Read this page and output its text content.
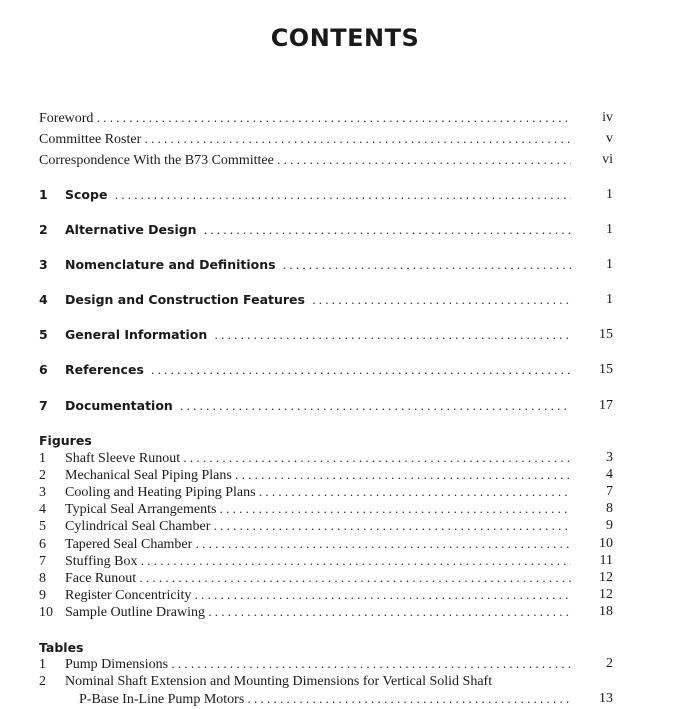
CONTENTS
Foreword . . .	iv
Committee Roster . . .	v
Correspondence With the B73 Committee . . .	vi
1 Scope . . .	1
2 Alternative Design . . .	1
3 Nomenclature and Definitions . . .	1
4 Design and Construction Features . . .	1
5 General Information . . .	15
6 References . . .	15
7 Documentation . . .	17
Figures
1 Shaft Sleeve Runout . . .	3
2 Mechanical Seal Piping Plans . . .	4
3 Cooling and Heating Piping Plans . . .	7
4 Typical Seal Arrangements . . .	8
5 Cylindrical Seal Chamber . . .	9
6 Tapered Seal Chamber . . .	10
7 Stuffing Box . . .	11
8 Face Runout . . .	12
9 Register Concentricity . . .	12
10 Sample Outline Drawing . . .	18
Tables
1 Pump Dimensions . . .	2
2 Nominal Shaft Extension and Mounting Dimensions for Vertical Solid Shaft
P-Base In-Line Pump Motors . . .	13
